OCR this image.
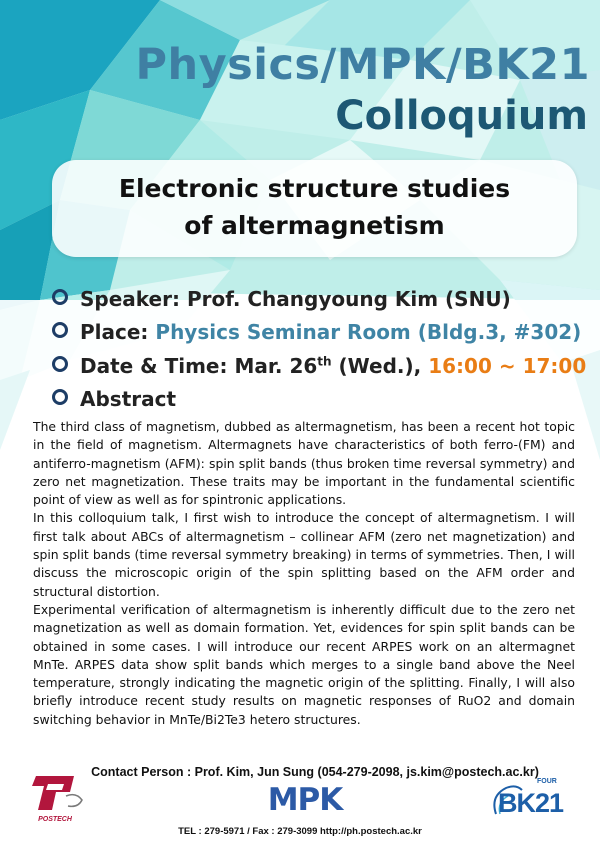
Physics/MPK/BK21
Colloquium
Electronic structure studies
of altermagnetism
Speaker: Prof. Changyoung Kim (SNU)
Place: Physics Seminar Room (Bldg.3, #302)
Date & Time: Mar. 26th (Wed.), 16:00 ~ 17:00
Abstract

The third class of magnetism, dubbed as altermagnetism, has been a recent hot topic in the field of magnetism. Altermagnets have characteristics of both ferro-(FM) and antiferro-magnetism (AFM): spin split bands (thus broken time reversal symmetry) and zero net magnetization. These traits may be important in the fundamental scientific point of view as well as for spintronic applications.

In this colloquium talk, I first wish to introduce the concept of altermagnetism. I will first talk about ABCs of altermagnetism – collinear AFM (zero net magnetization) and spin split bands (time reversal symmetry breaking) in terms of symmetries. Then, I will discuss the microscopic origin of the spin splitting based on the AFM order and structural distortion.

Experimental verification of altermagnetism is inherently difficult due to the zero net magnetization as well as domain formation. Yet, evidences for spin split bands can be obtained in some cases. I will introduce our recent ARPES work on an altermagnet MnTe. ARPES data show split bands which merges to a single band above the Neel temperature, strongly indicating the magnetic origin of the splitting. Finally, I will also briefly introduce recent study results on magnetic responses of RuO2 and domain switching behavior in MnTe/Bi2Te3 hetero structures.

Contact Person : Prof. Kim, Jun Sung (054-279-2098, js.kim@postech.ac.kr)
POSTECH
MPK
FOUR
BK21
TEL : 279-5971 / Fax : 279-3099 http://ph.postech.ac.kr
